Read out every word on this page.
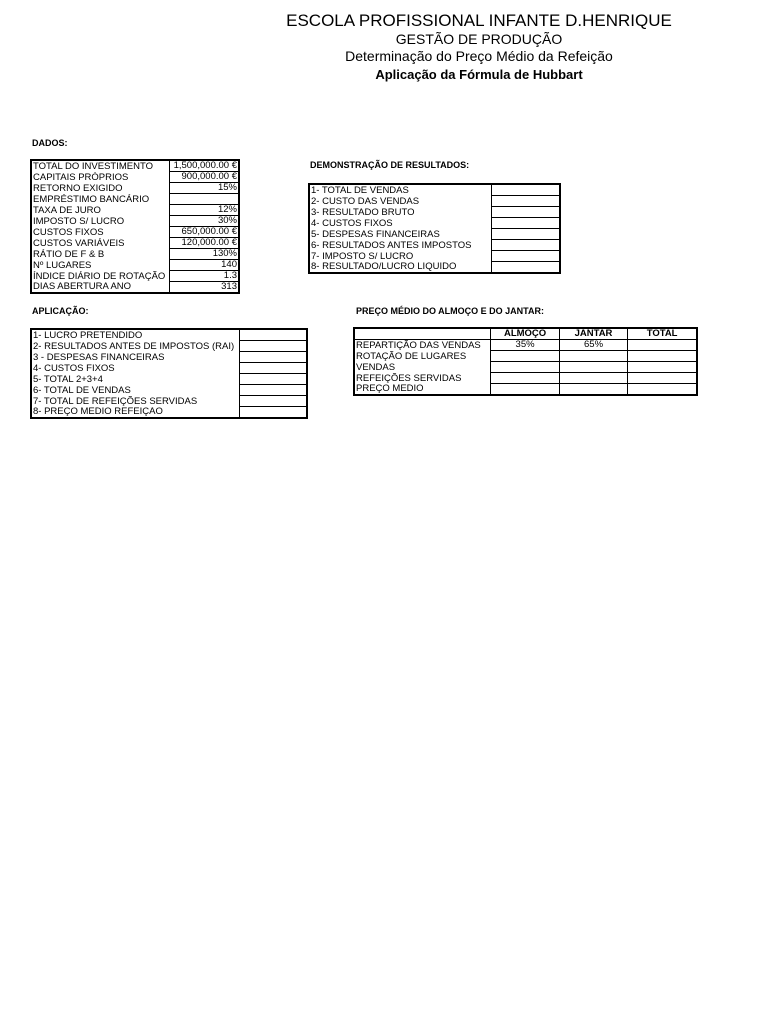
ESCOLA PROFISSIONAL INFANTE D.HENRIQUE
GESTÃO DE PRODUÇÃO
Determinação do Preço Médio da Refeição
Aplicação da Fórmula de Hubbart
DADOS:
TOTAL DO INVESTIMENTO	1,500,000.00 €
CAPITAIS PRÓPRIOS	900,000.00 €
RETORNO EXIGIDO	15%
EMPRÉSTIMO BANCÁRIO	
TAXA DE JURO	12%
IMPOSTO S/ LUCRO	30%
CUSTOS FIXOS	650,000.00 €
CUSTOS VARIÁVEIS	120,000.00 €
RÁTIO DE F & B	130%
Nº LUGARES	140
ÍNDICE DIÁRIO DE ROTAÇÃO	1.3
DIAS ABERTURA ANO	313
DEMONSTRAÇÃO DE RESULTADOS:
1- TOTAL DE VENDAS	
2- CUSTO DAS VENDAS	
3- RESULTADO BRUTO	
4- CUSTOS FIXOS	
5- DESPESAS FINANCEIRAS	
6- RESULTADOS ANTES IMPOSTOS	
7- IMPOSTO S/ LUCRO	
8- RESULTADO/LUCRO LÍQUIDO	
APLICAÇÃO:
1- LUCRO PRETENDIDO	
2- RESULTADOS ANTES DE IMPOSTOS (RAI)	
3 - DESPESAS FINANCEIRAS	
4- CUSTOS FIXOS	
5- TOTAL 2+3+4	
6- TOTAL DE VENDAS	
7- TOTAL DE REFEIÇÕES SERVIDAS	
8- PREÇO MÉDIO REFEIÇÃO	
PREÇO MÉDIO DO ALMOÇO E DO JANTAR:
	ALMOÇO	JANTAR	TOTAL
REPARTIÇÃO DAS VENDAS	35%	65%	
ROTAÇÃO DE LUGARES			
VENDAS			
REFEIÇÕES SERVIDAS			
PREÇO MÉDIO			
